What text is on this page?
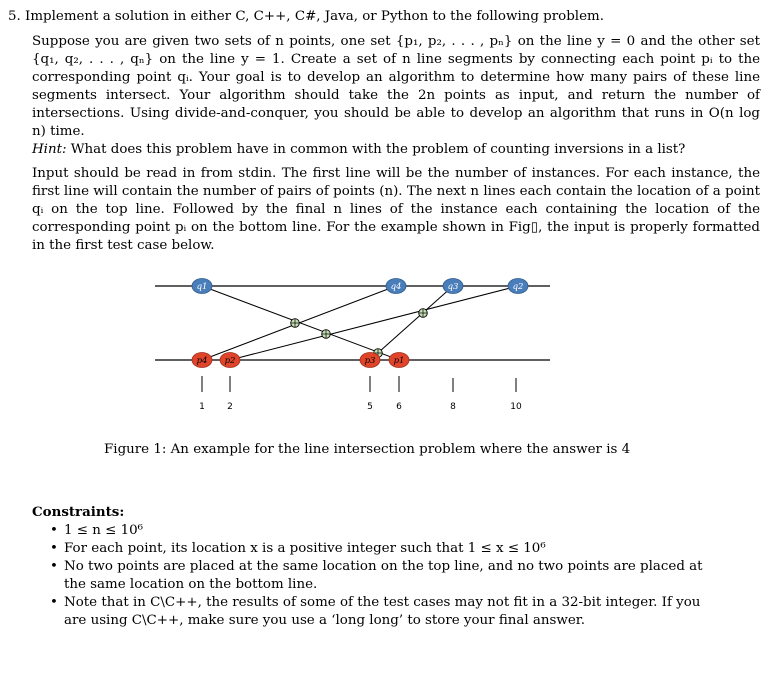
5. Implement a solution in either C, C++, C#, Java, or Python to the following problem.
Suppose you are given two sets of n points, one set {p₁, p₂, . . . , pₙ} on the line y = 0 and the other set {q₁, q₂, . . . , qₙ} on the line y = 1. Create a set of n line segments by connecting each point pᵢ to the corresponding point qᵢ. Your goal is to develop an algorithm to determine how many pairs of these line segments intersect. Your algorithm should take the 2n points as input, and return the number of intersections. Using divide-and-conquer, you should be able to develop an algorithm that runs in O(n log n) time.
Hint: What does this problem have in common with the problem of counting inversions in a list?
Input should be read in from stdin. The first line will be the number of instances. For each instance, the first line will contain the number of pairs of points (n). The next n lines each contain the location of a point qᵢ on the top line. Followed by the final n lines of the instance each containing the location of the corresponding point pᵢ on the bottom line. For the example shown in Fig▯, the input is properly formatted in the first test case below.
q1	q4	q3	q2
p4 p2	p3 p1
1 2	5	6	8	10
Figure 1: An example for the line intersection problem where the answer is 4
Constraints:
• 1 ≤ n ≤ 10⁶
• For each point, its location x is a positive integer such that 1 ≤ x ≤ 10⁶
• No two points are placed at the same location on the top line, and no two points are placed at the same location on the bottom line.
• Note that in C\C++, the results of some of the test cases may not fit in a 32-bit integer. If you are using C\C++, make sure you use a ‘long long’ to store your final answer.
